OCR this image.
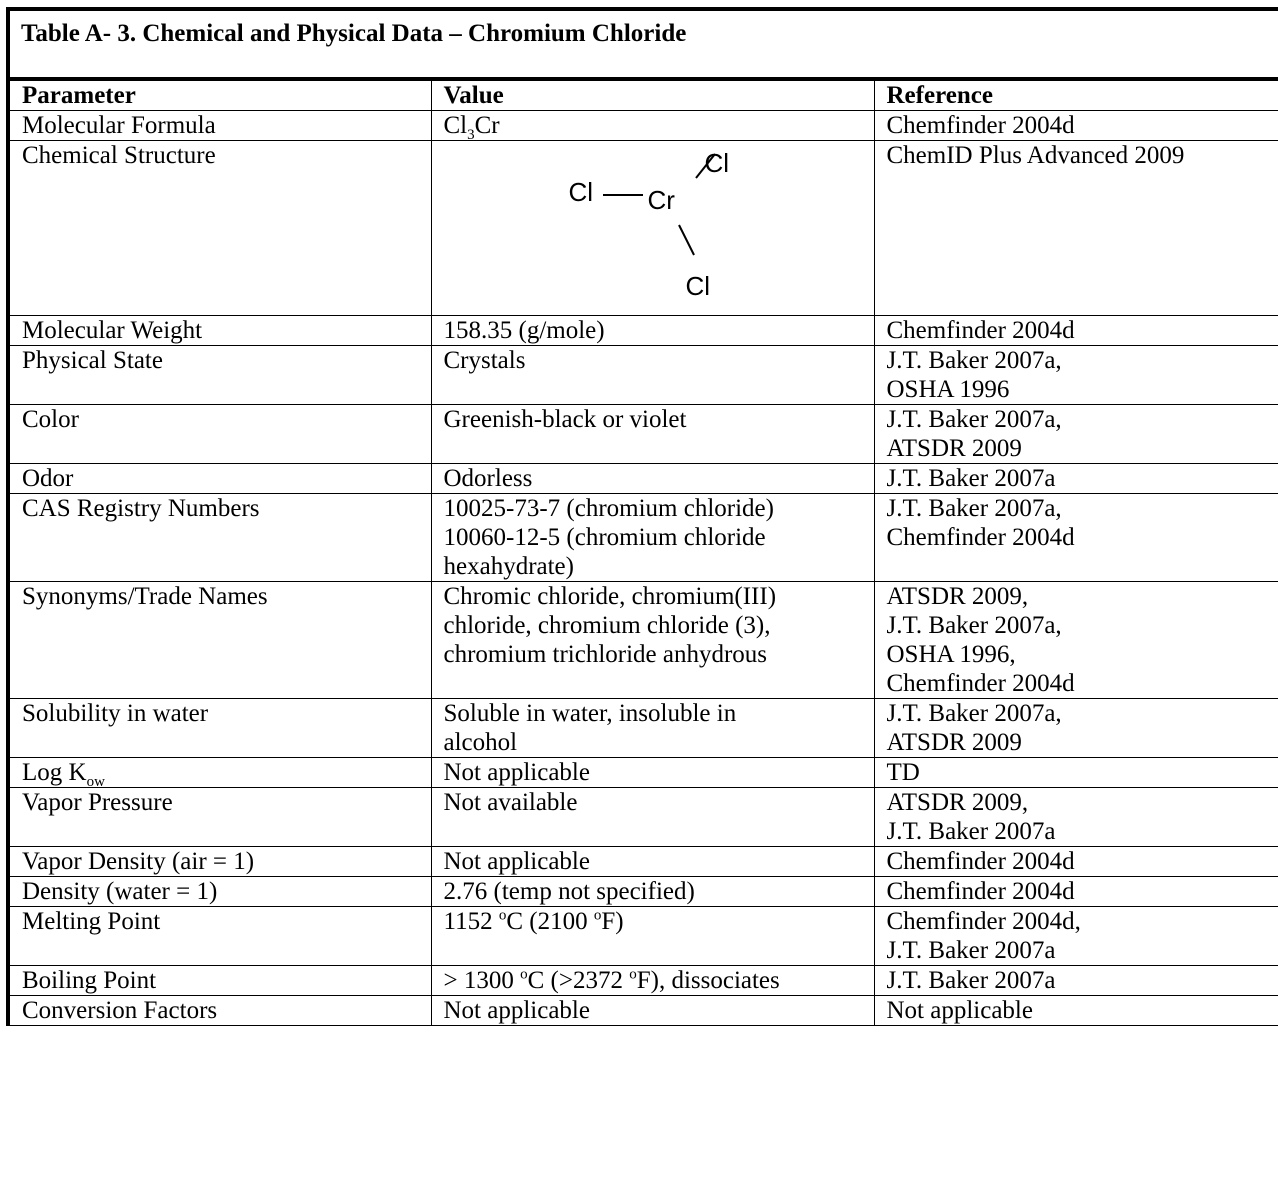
Table A- 3. Chemical and Physical Data – Chromium Chloride
Parameter	Value	Reference
Molecular Formula	$Cl_3Cr$	Chemfinder 2004d
Chemical Structure	Cl
Cl Cr
Cl	ChemID Plus Advanced 2009
Molecular Weight	158.35 (g/mole)	Chemfinder 2004d
Physical State	Crystals	J.T. Baker 2007a,
OSHA 1996

Color	Greenish-black or violet	J.T. Baker 2007a,
ATSDR 2009

Odor	Odorless	J.T. Baker 2007a
CAS Registry Numbers	10025-73-7 (chromium chloride)
10060-12-5 (chromium chloride
hexahydrate)	J.T. Baker 2007a,
Chemfinder 2004d

Synonyms/Trade Names	Chromic chloride, chromium(III)
chloride, chromium chloride (3),
chromium trichloride anhydrous	ATSDR 2009,
J.T. Baker 2007a,
OSHA 1996,
Chemfinder 2004d

Solubility in water	Soluble in water, insoluble in
alcohol	J.T. Baker 2007a,
ATSDR 2009

Log $K_{ow}$	Not applicable	TD
Vapor Pressure	Not available	ATSDR 2009,
J.T. Baker 2007a

Vapor Density (air = 1)	Not applicable	Chemfinder 2004d
Density (water = 1)	2.76 (temp not specified)	Chemfinder 2004d
Melting Point	1152 $^o$C (2100 $^o$F)	Chemfinder 2004d,
J.T. Baker 2007a

Boiling Point	> 1300 $^o$C (>2372 $^o$F), dissociates	J.T. Baker 2007a
Conversion Factors	Not applicable	Not applicable
